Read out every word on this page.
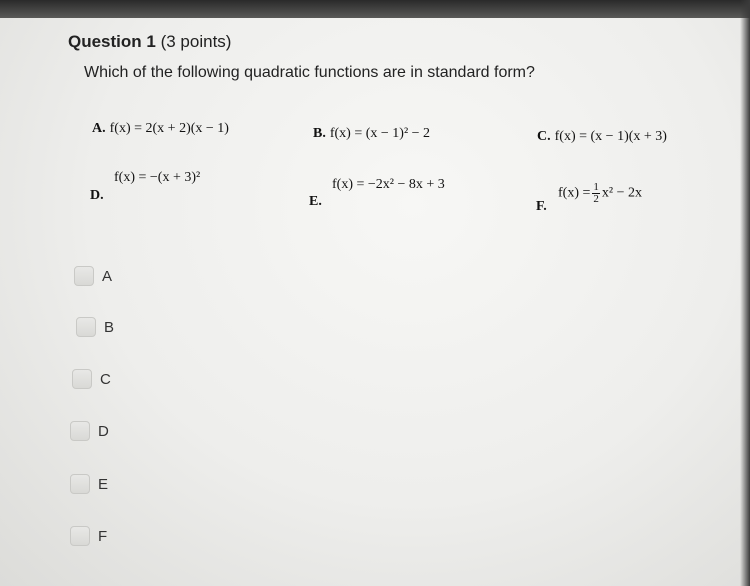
Question 1 (3 points)
Which of the following quadratic functions are in standard form?
A. f(x) = 2(x + 2)(x − 1)	B. f(x) = (x − 1)² − 2	C. f(x) = (x − 1)(x + 3)
D.
f(x) = −(x + 3)²
E.
f(x) = −2x² − 8x + 3
F.
$f(x) = \frac{1}{2} x^2 - 2x$
A
B
C
D
E
F
